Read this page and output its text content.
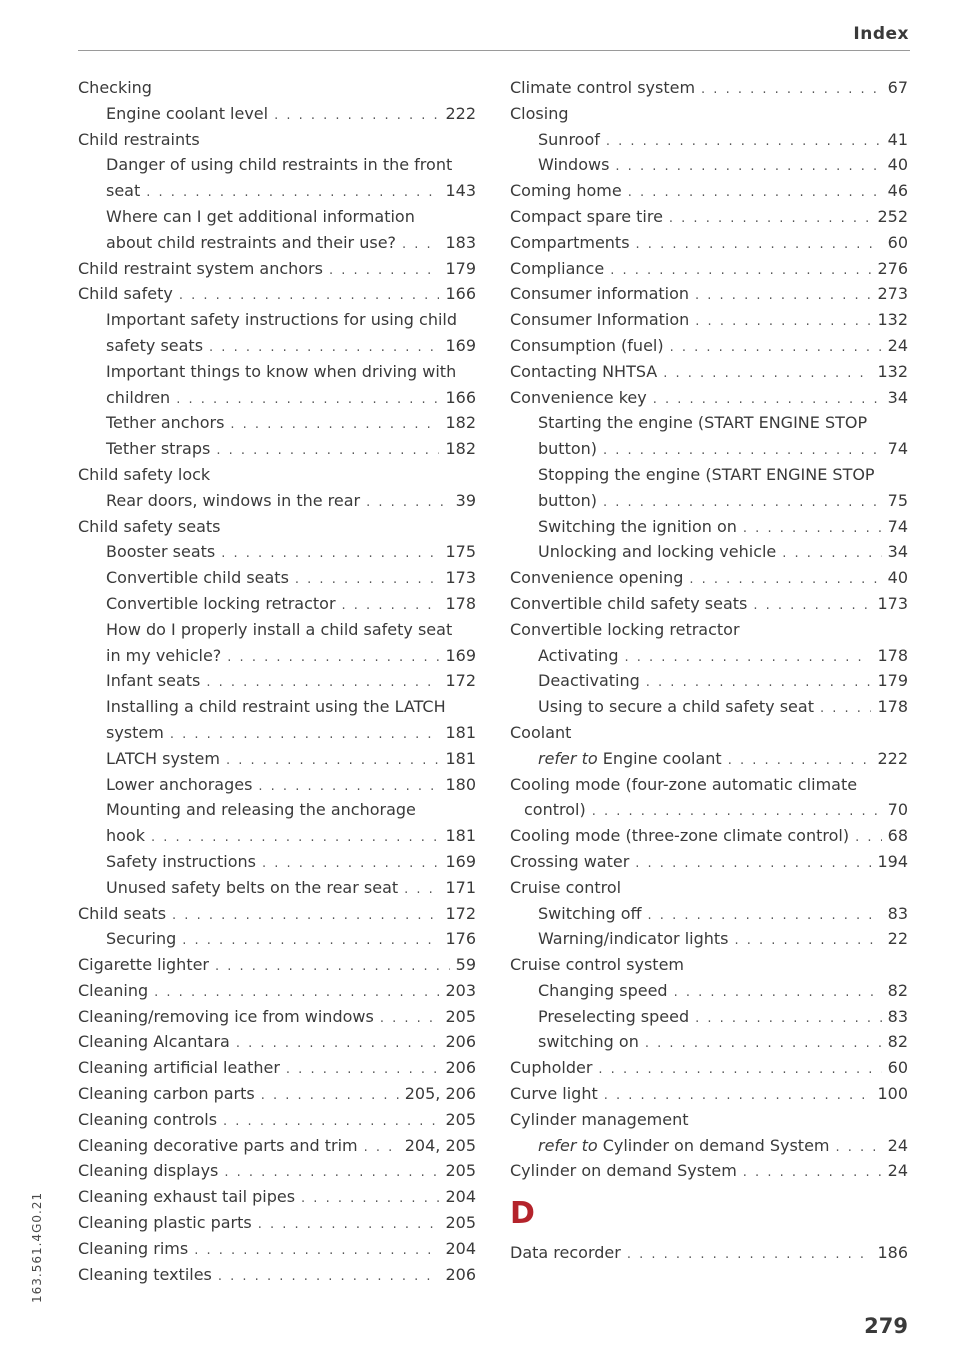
Index
Checking
Engine coolant level . . .	222
Child restraints
Danger of using child restraints in the front
seat . . .	143
Where can I get additional information
about child restraints and their use? . . .	183
Child restraint system anchors . . .	179
Child safety . . .	166
Important safety instructions for using child
safety seats . . .	169
Important things to know when driving with
children . . .	166
Tether anchors . . .	182
Tether straps . . .	182
Child safety lock
Rear doors, windows in the rear . . .	39
Child safety seats
Booster seats . . .	175
Convertible child seats . . .	173
Convertible locking retractor . . .	178
How do I properly install a child safety seat
in my vehicle? . . .	169
Infant seats . . .	172
Installing a child restraint using the LATCH
system . . .	181
LATCH system . . .	181
Lower anchorages . . .	180
Mounting and releasing the anchorage
hook . . .	181
Safety instructions . . .	169
Unused safety belts on the rear seat . . .	171
Child seats . . .	172
Securing . . .	176
Cigarette lighter . . .	59
Cleaning . . .	203
Cleaning/removing ice from windows . . .	205
Cleaning Alcantara . . .	206
Cleaning artificial leather . . .	206
Cleaning carbon parts . . .	205, 206
Cleaning controls . . .	205
Cleaning decorative parts and trim . . .	204, 205
Cleaning displays . . .	205
Cleaning exhaust tail pipes . . .	204
Cleaning plastic parts . . .	205
Cleaning rims . . .	204
Cleaning textiles . . .	206
Climate control system . . .	67
Closing
Sunroof . . .	41
Windows . . .	40
Coming home . . .	46
Compact spare tire . . .	252
Compartments . . .	60
Compliance . . .	276
Consumer information . . .	273
Consumer Information . . .	132
Consumption (fuel) . . .	24
Contacting NHTSA . . .	132
Convenience key . . .	34
Starting the engine (START ENGINE STOP
button) . . .	74
Stopping the engine (START ENGINE STOP
button) . . .	75
Switching the ignition on . . .	74
Unlocking and locking vehicle . . .	34
Convenience opening . . .	40
Convertible child safety seats . . .	173
Convertible locking retractor
Activating . . .	178
Deactivating . . .	179
Using to secure a child safety seat . . .	178
Coolant
refer to
Engine coolant . . .	222
Cooling mode (four-zone automatic climate
control) . . .	70
Cooling mode (three-zone climate control) . . . 68
Crossing water . . .	194
Cruise control
Switching off . . .	83
Warning/indicator lights . . .	22
Cruise control system
Changing speed . . .	82
Preselecting speed . . .	83
switching on . . .	82
Cupholder . . .	60
Curve light . . .	100
Cylinder management
refer to
Cylinder on demand System . . .	24
Cylinder on demand System . . .	24
D
Data recorder . . .	186
279
163.561.4G0.21
